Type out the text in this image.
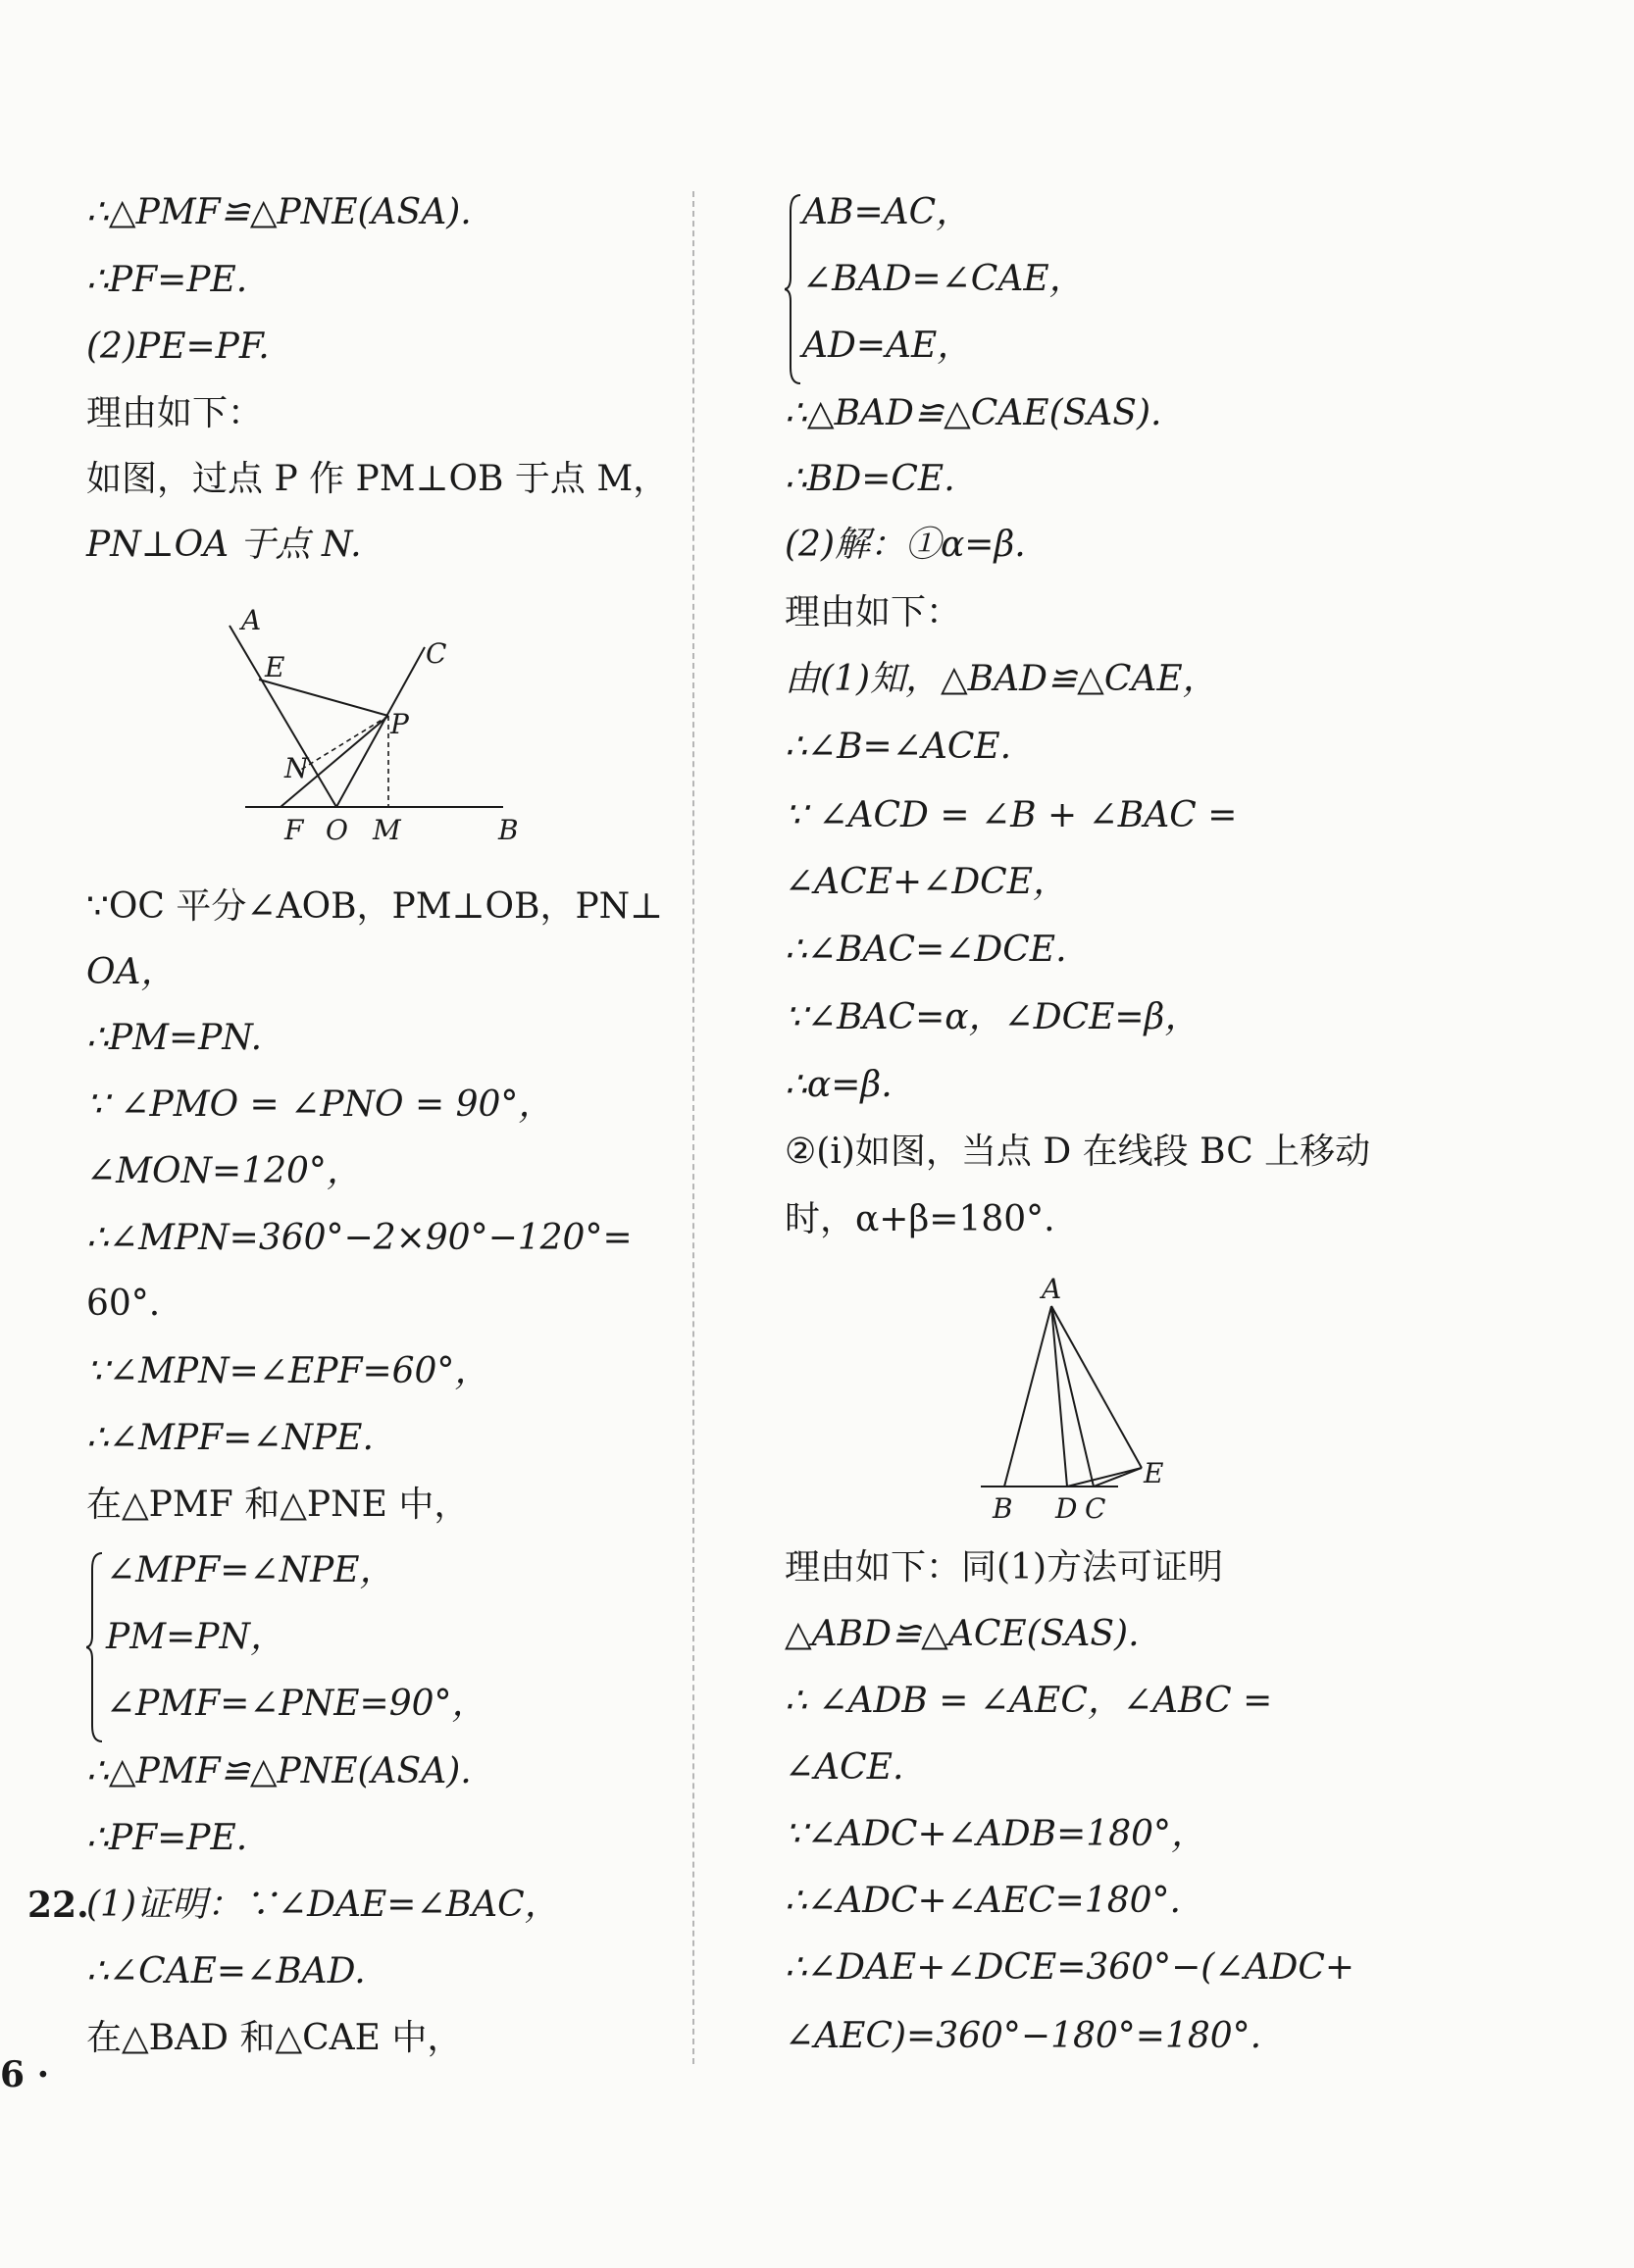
∴△PMF≌△PNE(ASA).
∴PF=PE.
(2)PE=PF.
理由如下：
如图，过点 P 作 PM⊥OB 于点 M，
PN⊥OA 于点 N.
A
E	C
P
N
F O M	B
∵OC 平分∠AOB，PM⊥OB，PN⊥
OA，
∴PM=PN.
∵ ∠PMO = ∠PNO = 90°，
∠MON=120°，
∴∠MPN=360°−2×90°−120°=
60°.
∵∠MPN=∠EPF=60°，
∴∠MPF=∠NPE.
在△PMF 和△PNE 中，
∠MPF=∠NPE，
PM=PN，
∠PMF=∠PNE=90°，
∴△PMF≌△PNE(ASA).
∴PF=PE.
22.
(1)证明：∵∠DAE=∠BAC，
∴∠CAE=∠BAD.
在△BAD 和△CAE 中，
AB=AC，
∠BAD=∠CAE，
AD=AE，
∴△BAD≌△CAE(SAS).
∴BD=CE.
(2)解：①α=β.
理由如下：
由(1)知，△BAD≌△CAE，
∴∠B=∠ACE.
∵ ∠ACD = ∠B + ∠BAC =
∠ACE+∠DCE，
∴∠BAC=∠DCE.
∵∠BAC=α，∠DCE=β，
∴α=β.
②(i)如图，当点 D 在线段 BC 上移动
时，α+β=180°.
A
E
B D C
理由如下：同(1)方法可证明
△ABD≌△ACE(SAS).
∴ ∠ADB = ∠AEC，∠ABC =
∠ACE.
∵∠ADC+∠ADB=180°，
∴∠ADC+∠AEC=180°.
∴∠DAE+∠DCE=360°−(∠ADC+
∠AEC)=360°−180°=180°.
6 ·
